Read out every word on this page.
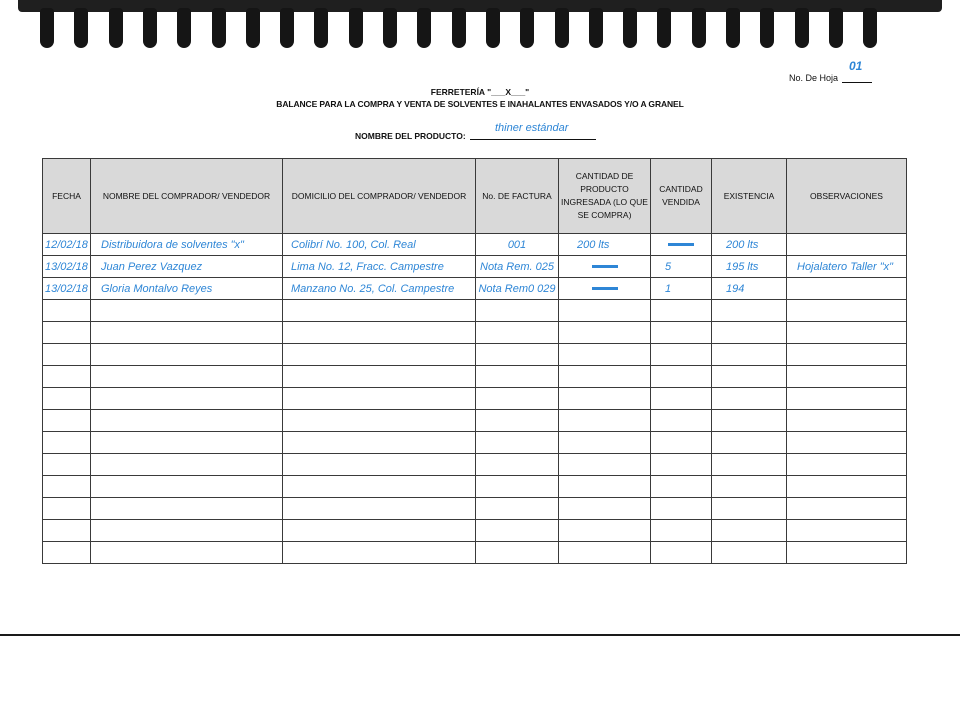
No. De Hoja
01
FERRETERÍA "___X___"
BALANCE PARA LA COMPRA Y VENTA DE SOLVENTES E INAHALANTES ENVASADOS Y/O A GRANEL
NOMBRE DEL PRODUCTO:
thiner estándar
FECHA	NOMBRE DEL COMPRADOR/ VENDEDOR	DOMICILIO DEL COMPRADOR/ VENDEDOR	No. DE FACTURA	CANTIDAD DE PRODUCTO INGRESADA (LO QUE SE COMPRA)	CANTIDAD VENDIDA	EXISTENCIA	OBSERVACIONES
12/02/18	Distribuidora de solventes "x"	Colibrí No. 100, Col. Real	001	200 lts		200 lts	
13/02/18	Juan Perez Vazquez	Lima No. 12, Fracc. Campestre	Nota Rem. 025		5	195 lts	Hojalatero Taller "x"
13/02/18	Gloria Montalvo Reyes	Manzano No. 25, Col. Campestre	Nota Rem0 029		1	194	
